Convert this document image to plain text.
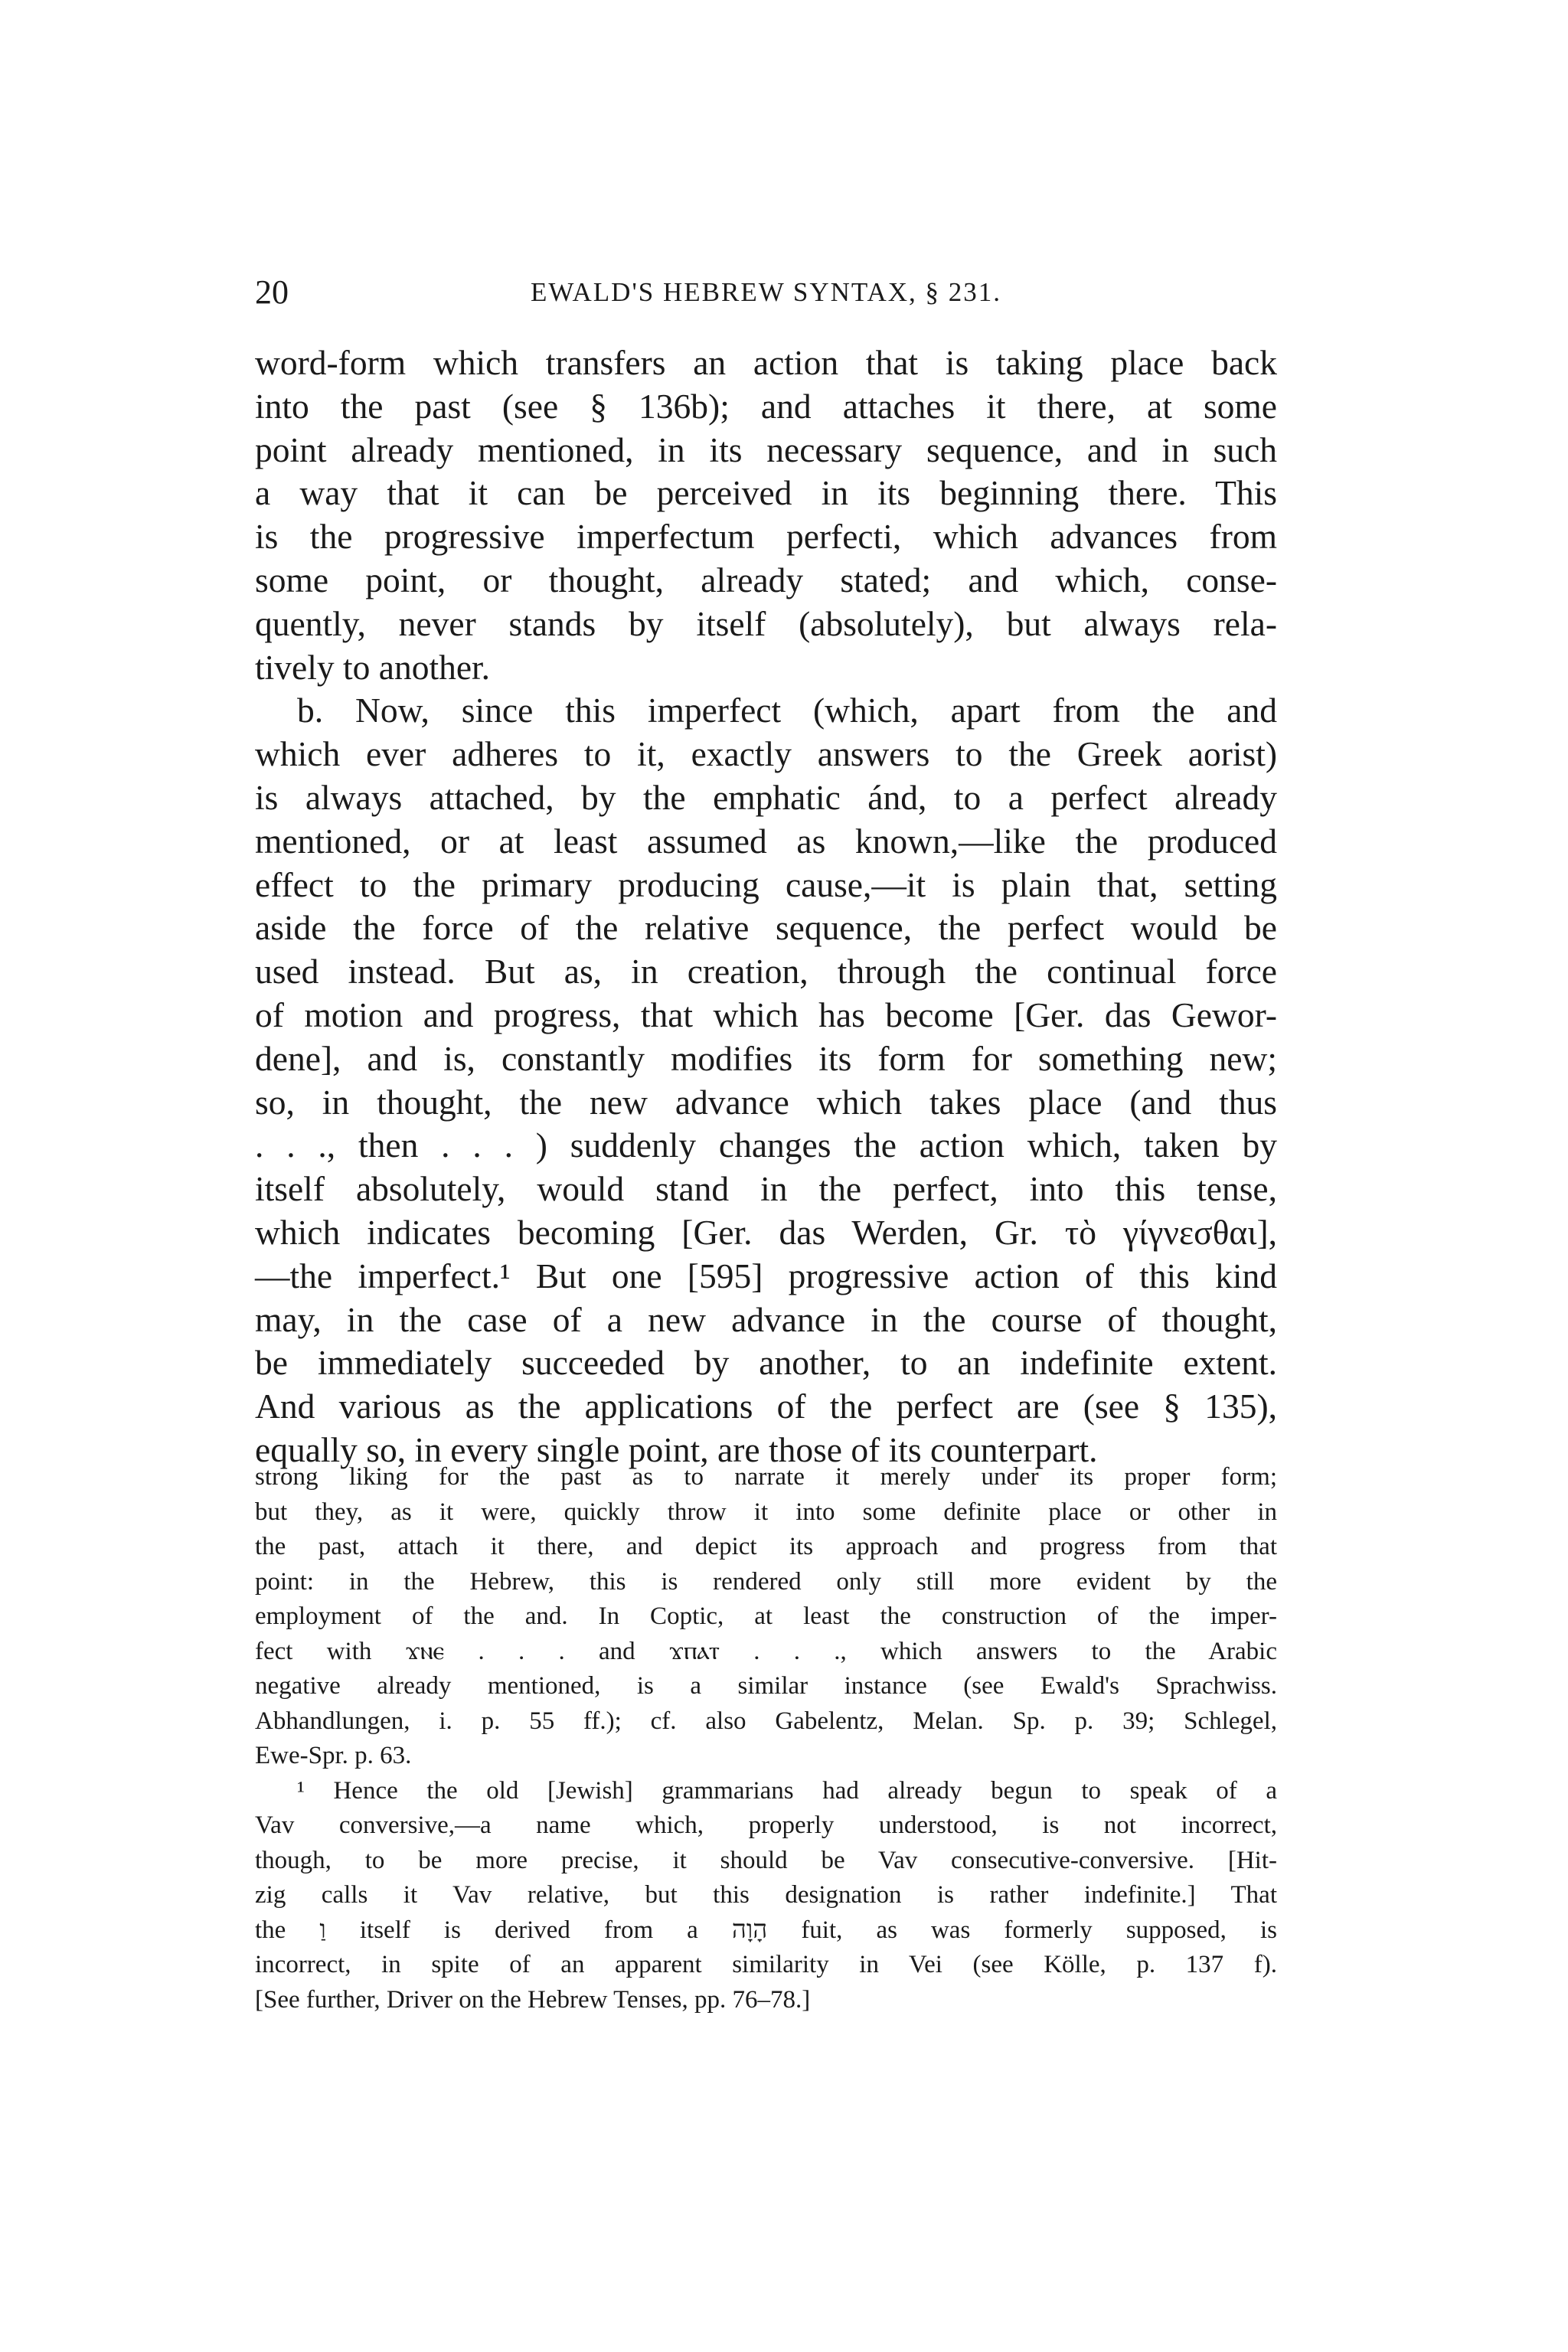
20	EWALD'S HEBREW SYNTAX, § 231.
word-form which transfers an action that is taking place back
into the past (see § 136b); and attaches it there, at some
point already mentioned, in its necessary sequence, and in such
a way that it can be perceived in its beginning there. This
is the progressive imperfectum perfecti, which advances from
some point, or thought, already stated; and which, conse-
quently, never stands by itself (absolutely), but always rela-
tively to another.
b. Now, since this imperfect (which, apart from the and
which ever adheres to it, exactly answers to the Greek aorist)
is always attached, by the emphatic ánd, to a perfect already
mentioned, or at least assumed as known,—like the produced
effect to the primary producing cause,—it is plain that, setting
aside the force of the relative sequence, the perfect would be
used instead. But as, in creation, through the continual force
of motion and progress, that which has become [Ger. das Gewor-
dene], and is, constantly modifies its form for something new;
so, in thought, the new advance which takes place (and thus
. . ., then . . . ) suddenly changes the action which, taken by
itself absolutely, would stand in the perfect, into this tense,
which indicates becoming [Ger. das Werden, Gr. τὸ γίγνεσθαι],
—the imperfect.¹ But one [595] progressive action of this kind
may, in the case of a new advance in the course of thought,
be immediately succeeded by another, to an indefinite extent.
And various as the applications of the perfect are (see § 135),
equally so, in every single point, are those of its counterpart.
strong liking for the past as to narrate it merely under its proper form;
but they, as it were, quickly throw it into some definite place or other in
the past, attach it there, and depict its approach and progress from that
point: in the Hebrew, this is rendered only still more evident by the
employment of the and. In Coptic, at least the construction of the imper-
fect with ϫⲛⲉ . . . and ϫⲡⲁⲧ . . ., which answers to the Arabic
negative already mentioned, is a similar instance (see Ewald's Sprachwiss.
Abhandlungen, i. p. 55 ff.); cf. also Gabelentz, Melan. Sp. p. 39; Schlegel,
Ewe-Spr. p. 63.
¹ Hence the old [Jewish] grammarians had already begun to speak of a
Vav conversive,—a name which, properly understood, is not incorrect,
though, to be more precise, it should be Vav consecutive-conversive. [Hit-
zig calls it Vav relative, but this designation is rather indefinite.] That
the וַ itself is derived from a הָוָה fuit, as was formerly supposed, is
incorrect, in spite of an apparent similarity in Vei (see Kölle, p. 137 f).
[See further, Driver on the Hebrew Tenses, pp. 76–78.]
